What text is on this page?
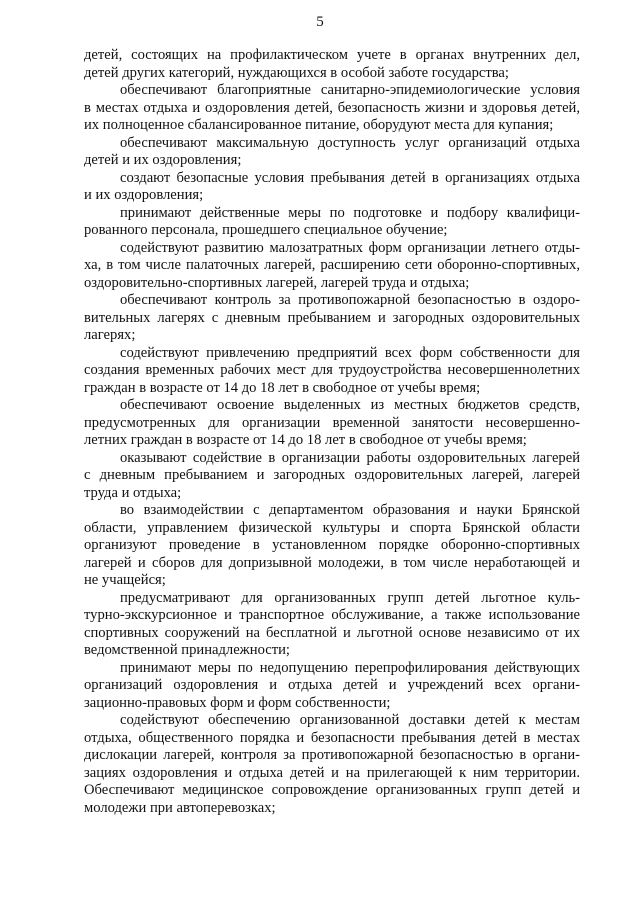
5
детей, состоящих на профилактическом учете в органах внутренних дел,
детей других категорий, нуждающихся в особой заботе государства;
обеспечивают благоприятные санитарно-эпидемиологические условия
в местах отдыха и оздоровления детей, безопасность жизни и здоровья детей,
их полноценное сбалансированное питание, оборудуют места для купания;
обеспечивают максимальную доступность услуг организаций отдыха
детей и их оздоровления;
создают безопасные условия пребывания детей в организациях отдыха
и их оздоровления;
принимают действенные меры по подготовке и подбору квалифици-
рованного персонала, прошедшего специальное обучение;
содействуют развитию малозатратных форм организации летнего отды-
ха, в том числе палаточных лагерей, расширению сети оборонно-спортивных,
оздоровительно-спортивных лагерей, лагерей труда и отдыха;
обеспечивают контроль за противопожарной безопасностью в оздоро-
вительных лагерях с дневным пребыванием и загородных оздоровительных
лагерях;
содействуют привлечению предприятий всех форм собственности для
создания временных рабочих мест для трудоустройства несовершеннолетних
граждан в возрасте от 14 до 18 лет в свободное от учебы время;
обеспечивают освоение выделенных из местных бюджетов средств,
предусмотренных для организации временной занятости несовершенно-
летних граждан в возрасте от 14 до 18 лет в свободное от учебы время;
оказывают содействие в организации работы оздоровительных лагерей
с дневным пребыванием и загородных оздоровительных лагерей, лагерей
труда и отдыха;
во взаимодействии с департаментом образования и науки Брянской
области, управлением физической культуры и спорта Брянской области
организуют проведение в установленном порядке оборонно-спортивных
лагерей и сборов для допризывной молодежи, в том числе неработающей и
не учащейся;
предусматривают для организованных групп детей льготное куль-
турно-экскурсионное и транспортное обслуживание, а также использование
спортивных сооружений на бесплатной и льготной основе независимо от их
ведомственной принадлежности;
принимают меры по недопущению перепрофилирования действующих
организаций оздоровления и отдыха детей и учреждений всех органи-
зационно-правовых форм и форм собственности;
содействуют обеспечению организованной доставки детей к местам
отдыха, общественного порядка и безопасности пребывания детей в местах
дислокации лагерей, контроля за противопожарной безопасностью в органи-
зациях оздоровления и отдыха детей и на прилегающей к ним территории.
Обеспечивают медицинское сопровождение организованных групп детей и
молодежи при автоперевозках;
